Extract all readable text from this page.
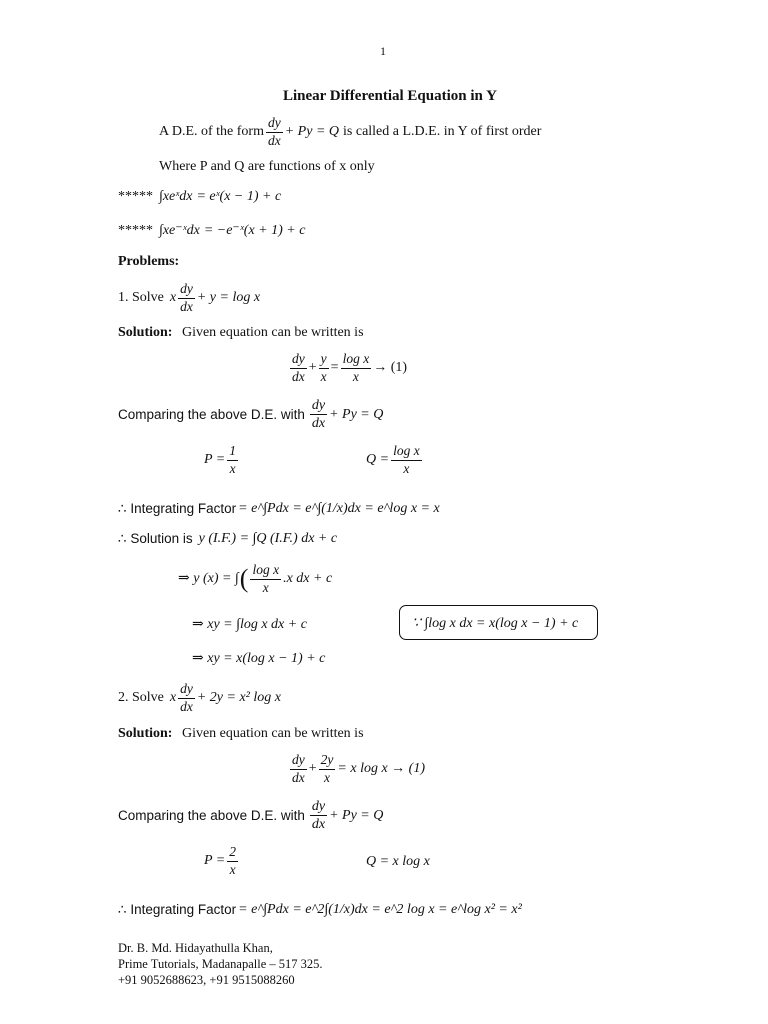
1
Linear Differential Equation in Y
A D.E. of the form $\frac{dy}{dx} + Py = Q$ is called a L.D.E. in Y of first order
Where P and Q are functions of x only
***** ∫xeˣdx = eˣ(x − 1) + c
***** ∫xe⁻ˣdx = −e⁻ˣ(x + 1) + c
Problems:
1. Solve x $\frac{dy}{dx} + y = \log x$
Solution: Given equation can be written is
$\frac{dy}{dx} + \frac{y}{x} = \frac{\text{log x}}{x} \to (1)$
Comparing the above D.E. with $\frac{dy}{dx} + Py = Q$
$P = \frac{1}{x}$	$Q = \frac{\text{log x}}{x}$
∴ Integrating Factor = e^∫Pdx = e^∫(1/x)dx = e^log x = x
∴ Solution is y (I.F.) = ∫Q (I.F.) dx + c
⇒ y (x) = ∫ ( $\frac{\text{log x}}{x} .x$ dx + c
⇒ xy = ∫log x dx + c
⇒ xy = x(log x − 1) + c
∵ ∫log x dx = x(log x − 1) + c
2. Solve x $\frac{dy}{dx} + 2y = x^2$ log x
Solution: Given equation can be written is
$\frac{dy}{dx} + \frac{2y}{x} = x$ log x → (1)
Comparing the above D.E. with $\frac{dy}{dx} + Py = Q$
$P = \frac{2}{x}$	Q = x log x
∴ Integrating Factor = e^∫Pdx = e^2∫(1/x)dx = e^2 log x = e^log x² = x²
Dr. B. Md. Hidayathulla Khan,
Prime Tutorials, Madanapalle – 517 325.
+91 9052688623, +91 9515088260
